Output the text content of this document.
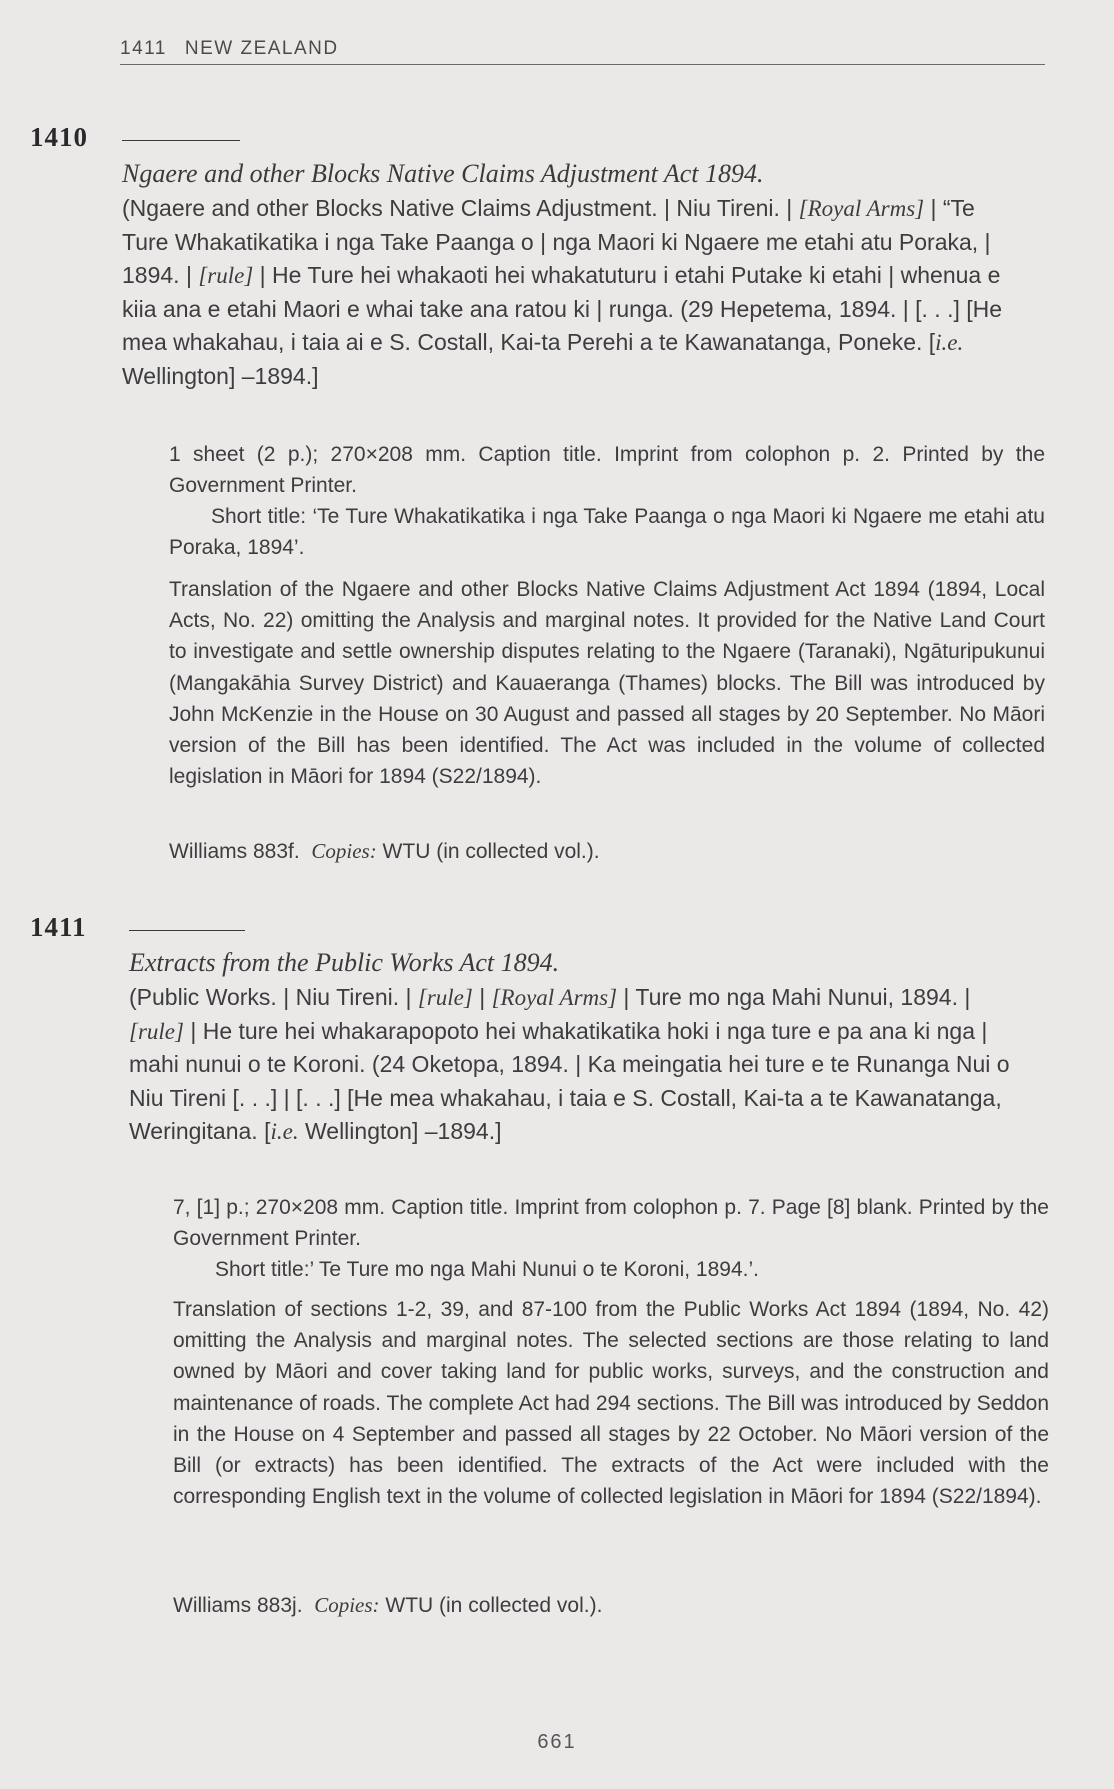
1411 NEW ZEALAND
1410
Ngaere and other Blocks Native Claims Adjustment Act 1894.
(Ngaere and other Blocks Native Claims Adjustment. | Niu Tireni. | [Royal Arms] | “Te Ture Whakatikatika i nga Take Paanga o | nga Maori ki Ngaere me etahi atu Poraka, | 1894. | [rule] | He Ture hei whakaoti hei whakatuturu i etahi Putake ki etahi | whenua e kiia ana e etahi Maori e whai take ana ratou ki | runga. (29 Hepetema, 1894. | [. . .] [He mea whakahau, i taia ai e S. Costall, Kai-ta Perehi a te Kawanatanga, Poneke. [i.e. Wellington] –1894.]
1 sheet (2 p.); 270×208 mm. Caption title. Imprint from colophon p. 2. Printed by the Government Printer.
Short title: ‘Te Ture Whakatikatika i nga Take Paanga o nga Maori ki Ngaere me etahi atu Poraka, 1894’.
Translation of the Ngaere and other Blocks Native Claims Adjustment Act 1894 (1894, Local Acts, No. 22) omitting the Analysis and marginal notes. It provided for the Native Land Court to investigate and settle ownership disputes relating to the Ngaere (Taranaki), Ngāturipukunui (Mangakāhia Survey District) and Kauaeranga (Thames) blocks. The Bill was introduced by John McKenzie in the House on 30 August and passed all stages by 20 September. No Māori version of the Bill has been identified. The Act was included in the volume of collected legislation in Māori for 1894 (S22/1894).
Williams 883f. Copies: WTU (in collected vol.).
1411
Extracts from the Public Works Act 1894.
(Public Works. | Niu Tireni. | [rule] | [Royal Arms] | Ture mo nga Mahi Nunui, 1894. | [rule] | He ture hei whakarapopoto hei whakatikatika hoki i nga ture e pa ana ki nga | mahi nunui o te Koroni. (24 Oketopa, 1894. | Ka meingatia hei ture e te Runanga Nui o Niu Tireni [. . .] | [. . .] [He mea whakahau, i taia e S. Costall, Kai-ta a te Kawanatanga, Weringitana. [i.e. Wellington] –1894.]
7, [1] p.; 270×208 mm. Caption title. Imprint from colophon p. 7. Page [8] blank. Printed by the Government Printer.
Short title:’ Te Ture mo nga Mahi Nunui o te Koroni, 1894.’.
Translation of sections 1-2, 39, and 87-100 from the Public Works Act 1894 (1894, No. 42) omitting the Analysis and marginal notes. The selected sections are those relating to land owned by Māori and cover taking land for public works, surveys, and the construction and maintenance of roads. The complete Act had 294 sections. The Bill was introduced by Seddon in the House on 4 September and passed all stages by 22 October. No Māori version of the Bill (or extracts) has been identified. The extracts of the Act were included with the corresponding English text in the volume of collected legislation in Māori for 1894 (S22/1894).
Williams 883j. Copies: WTU (in collected vol.).
661
